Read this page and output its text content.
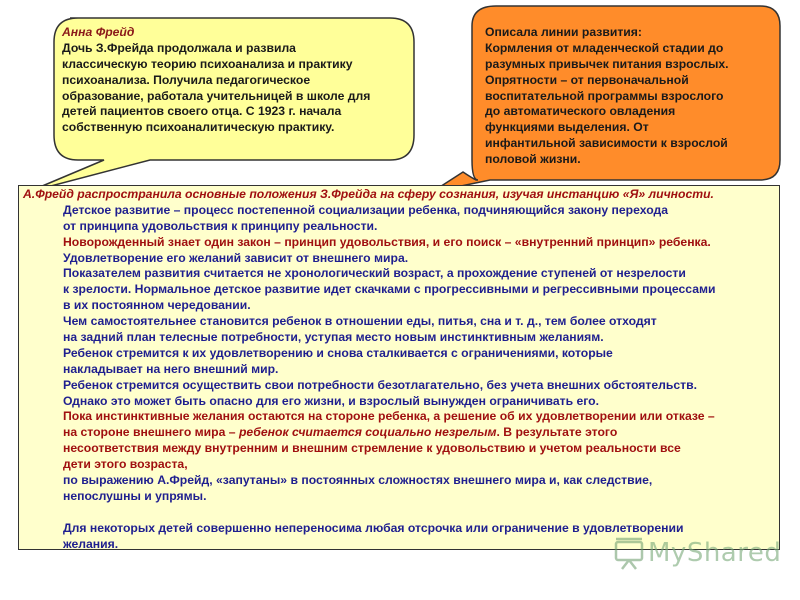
Анна Фрейд
Дочь З.Фрейда продолжала и развила
классическую теорию психоанализа и практику
психоанализа. Получила педагогическое
образование, работала учительницей в школе для
детей пациентов своего отца. С 1923 г. начала
собственную психоаналитическую практику.
Описала линии развития:
Кормления от младенческой стадии до
разумных привычек питания взрослых.
Опрятности – от первоначальной
воспитательной программы взрослого
до автоматического овладения
функциями выделения. От
инфантильной зависимости к взрослой
половой жизни.
А.Фрейд распространила основные положения З.Фрейда на сферу сознания, изучая инстанцию «Я» личности.
Детское развитие – процесс постепенной социализации ребенка, подчиняющийся закону перехода
от принципа удовольствия к принципу реальности.
Новорожденный знает один закон – принцип удовольствия, и его поиск – «внутренний принцип» ребенка.
Удовлетворение его желаний зависит от внешнего мира.
Показателем развития считается не хронологический возраст, а прохождение ступеней от незрелости
к зрелости. Нормальное детское развитие идет скачками с прогрессивными и регрессивными процессами
в их постоянном чередовании.
Чем самостоятельнее становится ребенок в отношении еды, питья, сна и т. д., тем более отходят
на задний план телесные потребности, уступая место новым инстинктивным желаниям.
Ребенок стремится к их удовлетворению и снова сталкивается с ограничениями, которые
накладывает на него внешний мир.
Ребенок стремится осуществить свои потребности безотлагательно, без учета внешних обстоятельств.
Однако это может быть опасно для его жизни, и взрослый вынужден ограничивать его.
Пока инстинктивные желания остаются на стороне ребенка, а решение об их удовлетворении или отказе –
на стороне внешнего мира – ребенок считается социально незрелым. В результате этого
несоответствия между внутренним и внешним стремление к удовольствию и учетом реальности все
дети этого возраста,
по выражению А.Фрейд, «запутаны» в постоянных сложностях внешнего мира и, как следствие,
непослушны и упрямы.
Для некоторых детей совершенно непереносима любая отсрочка или ограничение в удовлетворении
желания.	MyShared
